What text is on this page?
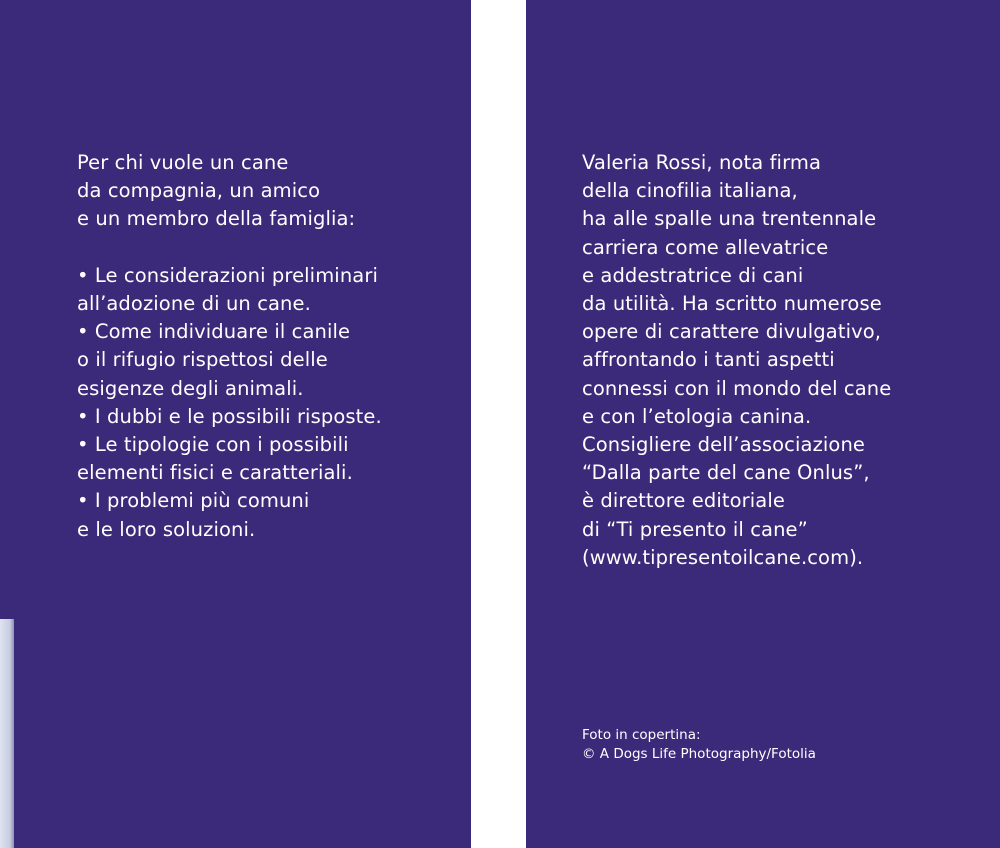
Per chi vuole un cane
da compagnia, un amico
e un membro della famiglia:
• Le considerazioni preliminari
all’adozione di un cane.
• Come individuare il canile
o il rifugio rispettosi delle
esigenze degli animali.
• I dubbi e le possibili risposte.
• Le tipologie con i possibili
elementi fisici e caratteriali.
• I problemi più comuni
e le loro soluzioni.
Valeria Rossi, nota firma
della cinofilia italiana,
ha alle spalle una trentennale
carriera come allevatrice
e addestratrice di cani
da utilità. Ha scritto numerose
opere di carattere divulgativo,
affrontando i tanti aspetti
connessi con il mondo del cane
e con l’etologia canina.
Consigliere dell’associazione
“Dalla parte del cane Onlus”,
è direttore editoriale
di “Ti presento il cane”
(www.tipresentoilcane.com).
Foto in copertina:
© A Dogs Life Photography/Fotolia
